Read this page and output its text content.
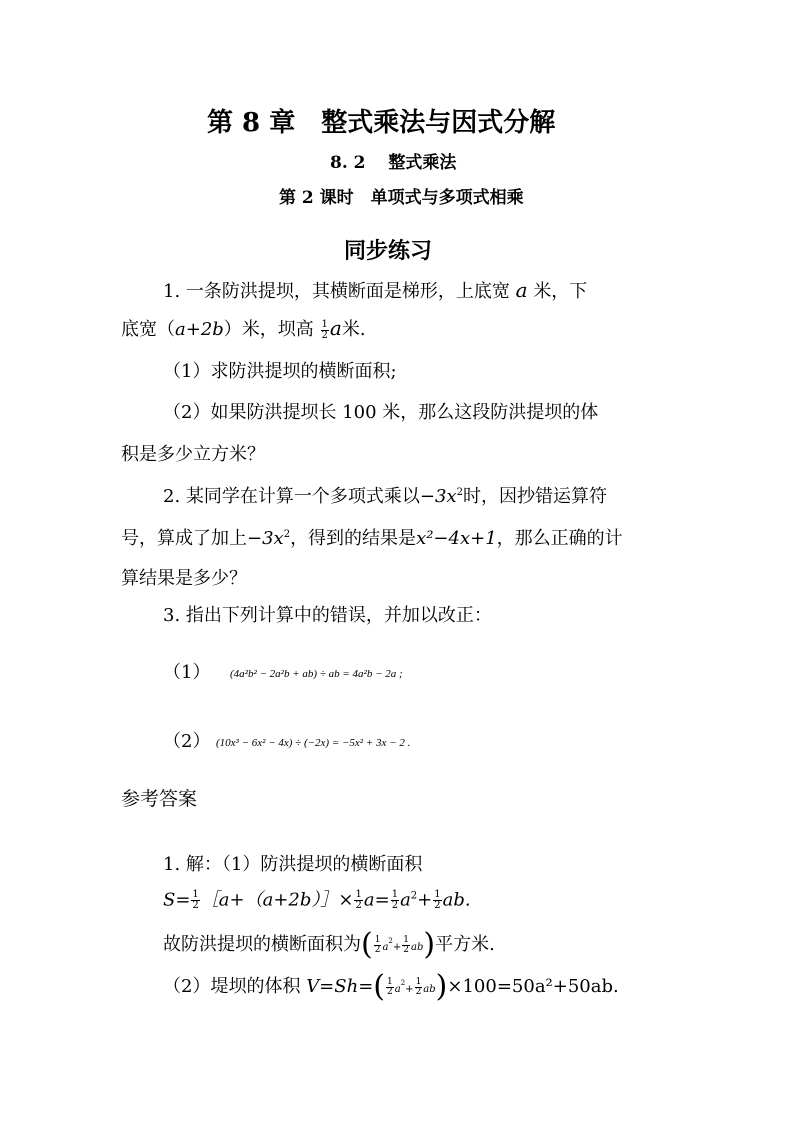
第 8 章　整式乘法与因式分解
8. 2　 整式乘法
第 2 课时　单项式与多项式相乘
同步练习
1. 一条防洪提坝，其横断面是梯形，上底宽 a 米，下
底宽（a+2b）米，坝高 $\frac{1}{2}$ a米.
（1）求防洪提坝的横断面积;
（2）如果防洪提坝长 100 米，那么这段防洪提坝的体
积是多少立方米？
2. 某同学在计算一个多项式乘以$-3x^2$时，因抄错运算符
号，算成了加上$-3x^2$，得到的结果是x²−4x+1，那么正确的计
算结果是多少？
3. 指出下列计算中的错误，并加以改正：
（1） (4a²b² − 2a²b + ab) ÷ ab = 4a²b − 2a ;
（2） (10x³ − 6x² − 4x) ÷ (−2x) = −5x² + 3x − 2 .
参考答案
1. 解：（1）防洪提坝的横断面积
$S= \frac{1}{2}$ ［a+（a+2b）］× $\frac{1}{2} a= \frac{1}{2} a^2+ \frac{1}{2}$ ab.
故防洪提坝的横断面积为( $\frac{1}{2} a^2+ \frac{1}{2} ab$)平方米.
（2）堤坝的体积 $V=Sh=( \frac{1}{2} a^2+ \frac{1}{2} ab)\times 100=50a^2+50ab$.
